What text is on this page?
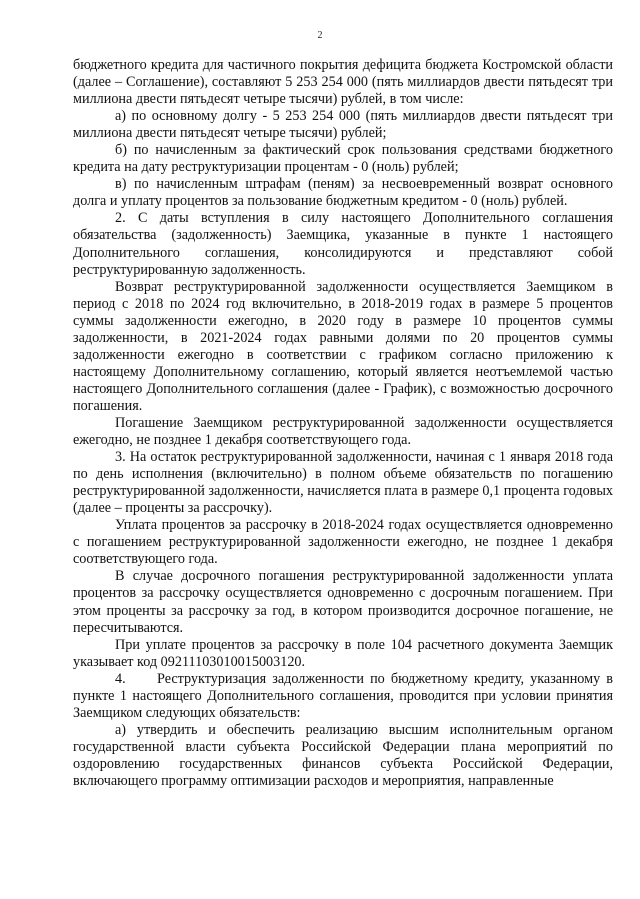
2

бюджетного кредита для частичного покрытия дефицита бюджета Костромской области (далее – Соглашение), составляют 5 253 254 000 (пять миллиардов двести пятьдесят три миллиона двести пятьдесят четыре тысячи) рублей, в том числе:

а) по основному долгу - 5 253 254 000 (пять миллиардов двести пятьдесят три миллиона двести пятьдесят четыре тысячи) рублей;

б) по начисленным за фактический срок пользования средствами бюджетного кредита на дату реструктуризации процентам - 0 (ноль) рублей;

в) по начисленным штрафам (пеням) за несвоевременный возврат основного долга и уплату процентов за пользование бюджетным кредитом - 0 (ноль) рублей.

2. С даты вступления в силу настоящего Дополнительного соглашения обязательства (задолженность) Заемщика, указанные в пункте 1 настоящего Дополнительного соглашения, консолидируются и представляют собой реструктурированную задолженность.

Возврат реструктурированной задолженности осуществляется Заемщиком в период с 2018 по 2024 год включительно, в 2018-2019 годах в размере 5 процентов суммы задолженности ежегодно, в 2020 году в размере 10 процентов суммы задолженности, в 2021-2024 годах равными долями по 20 процентов суммы задолженности ежегодно в соответствии с графиком согласно приложению к настоящему Дополнительному соглашению, который является неотъемлемой частью настоящего Дополнительного соглашения (далее - График), с возможностью досрочного погашения.

Погашение Заемщиком реструктурированной задолженности осуществляется ежегодно, не позднее 1 декабря соответствующего года.

3. На остаток реструктурированной задолженности, начиная с 1 января 2018 года по день исполнения (включительно) в полном объеме обязательств по погашению реструктурированной задолженности, начисляется плата в размере 0,1 процента годовых (далее – проценты за рассрочку).

Уплата процентов за рассрочку в 2018-2024 годах осуществляется одновременно с погашением реструктурированной задолженности ежегодно, не позднее 1 декабря соответствующего года.

В случае досрочного погашения реструктурированной задолженности уплата процентов за рассрочку осуществляется одновременно с досрочным погашением. При этом проценты за рассрочку за год, в котором производится досрочное погашение, не пересчитываются.

При уплате процентов за рассрочку в поле 104 расчетного документа Заемщик указывает код 09211103010015003120.

4. Реструктуризация задолженности по бюджетному кредиту, указанному в пункте 1 настоящего Дополнительного соглашения, проводится при условии принятия Заемщиком следующих обязательств:

а) утвердить и обеспечить реализацию высшим исполнительным органом государственной власти субъекта Российской Федерации плана мероприятий по оздоровлению государственных финансов субъекта Российской Федерации, включающего программу оптимизации расходов и мероприятия, направленные
